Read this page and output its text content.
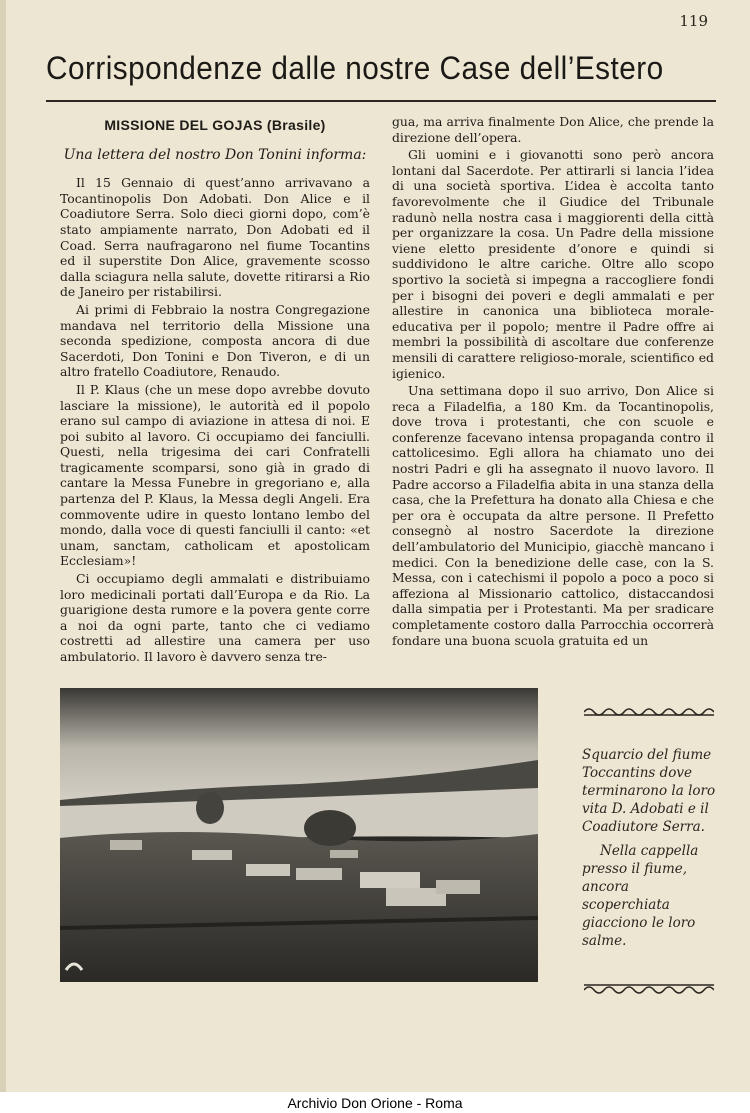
119
Corrispondenze dalle nostre Case dell’Estero
MISSIONE DEL GOJAS (Brasile)
Una lettera del nostro Don Tonini informa:

Il 15 Gennaio di quest’anno arrivavano a Tocantinopolis Don Adobati. Don Alice e il Coadiutore Serra. Solo dieci giorni dopo, com’è stato ampiamente narrato, Don Adobati ed il Coad. Serra naufragarono nel fiume Tocantins ed il superstite Don Alice, gravemente scosso dalla sciagura nella salute, dovette ritirarsi a Rio de Janeiro per ristabilirsi.

Ai primi di Febbraio la nostra Congregazione mandava nel territorio della Missione una seconda spedizione, composta ancora di due Sacerdoti, Don Tonini e Don Tiveron, e di un altro fratello Coadiutore, Renaudo.

Il P. Klaus (che un mese dopo avrebbe dovuto lasciare la missione), le autorità ed il popolo erano sul campo di aviazione in attesa di noi. E poi subito al lavoro. Ci occupiamo dei fanciulli. Questi, nella trigesima dei cari Confratelli tragicamente scomparsi, sono già in grado di cantare la Messa Funebre in gregoriano e, alla partenza del P. Klaus, la Messa degli Angeli. Era commovente udire in questo lontano lembo del mondo, dalla voce di questi fanciulli il canto: «et unam, sanctam, catholicam et apostolicam Ecclesiam»!

Ci occupiamo degli ammalati e distribuiamo loro medicinali portati dall’Europa e da Rio. La guarigione desta rumore e la povera gente corre a noi da ogni parte, tanto che ci vediamo costretti ad allestire una camera per uso ambulatorio. Il lavoro è davvero senza tre-

gua, ma arriva finalmente Don Alice, che prende la direzione dell’opera.

Gli uomini e i giovanotti sono però ancora lontani dal Sacerdote. Per attirarli si lancia l’idea di una società sportiva. L’idea è accolta tanto favorevolmente che il Giudice del Tribunale radunò nella nostra casa i maggiorenti della città per organizzare la cosa. Un Padre della missione viene eletto presidente d’onore e quindi si suddividono le altre cariche. Oltre allo scopo sportivo la società si impegna a raccogliere fondi per i bisogni dei poveri e degli ammalati e per allestire in canonica una biblioteca morale-educativa per il popolo; mentre il Padre offre ai membri la possibilità di ascoltare due conferenze mensili di carattere religioso-morale, scientifico ed igienico.

Una settimana dopo il suo arrivo, Don Alice si reca a Filadelfia, a 180 Km. da Tocantinopolis, dove trova i protestanti, che con scuole e conferenze facevano intensa propaganda contro il cattolicesimo. Egli allora ha chiamato uno dei nostri Padri e gli ha assegnato il nuovo lavoro. Il Padre accorso a Filadelfia abita in una stanza della casa, che la Prefettura ha donato alla Chiesa e che per ora è occupata da altre persone. Il Prefetto consegnò al nostro Sacerdote la direzione dell’ambulatorio del Municipio, giacchè mancano i medici. Con la benedizione delle case, con la S. Messa, con i catechismi il popolo a poco a poco si affeziona al Missionario cattolico, distaccandosi dalla simpatia per i Protestanti. Ma per sradicare completamente costoro dalla Parrocchia occorrerà fondare una buona scuola gratuita ed un

Squarcio del fiume Toccantins dove terminarono la loro vita D. Adobati e il Coadiutore Serra.

Nella cappella presso il fiume, ancora scoperchiata giacciono le loro salme.

Archivio Don Orione - Roma
